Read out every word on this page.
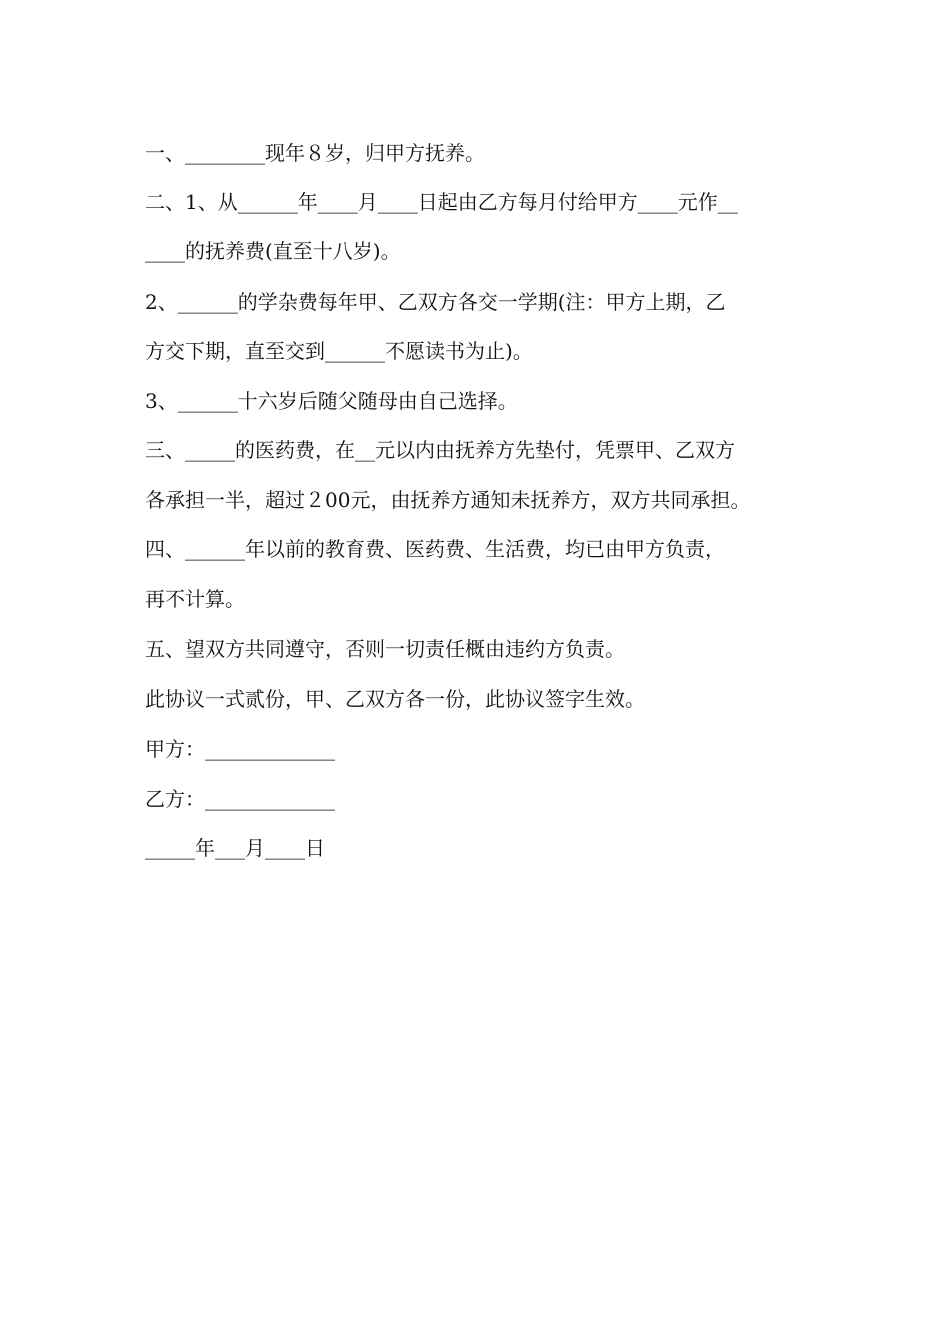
一、________现年８岁，归甲方抚养。

二、1、从______年____月____日起由乙方每月付给甲方____元作__

____的抚养费(直至十八岁)。

2、______的学杂费每年甲、乙双方各交一学期(注：甲方上期，乙

方交下期，直至交到______不愿读书为止)。

3、______十六岁后随父随母由自己选择。

三、_____的医药费，在__元以内由抚养方先垫付，凭票甲、乙双方

各承担一半，超过２00元，由抚养方通知未抚养方，双方共同承担。

四、______年以前的教育费、医药费、生活费，均已由甲方负责，

再不计算。

五、望双方共同遵守，否则一切责任概由违约方负责。

此协议一式贰份，甲、乙双方各一份，此协议签字生效。

甲方：_____________

乙方：_____________

_____年___月____日
